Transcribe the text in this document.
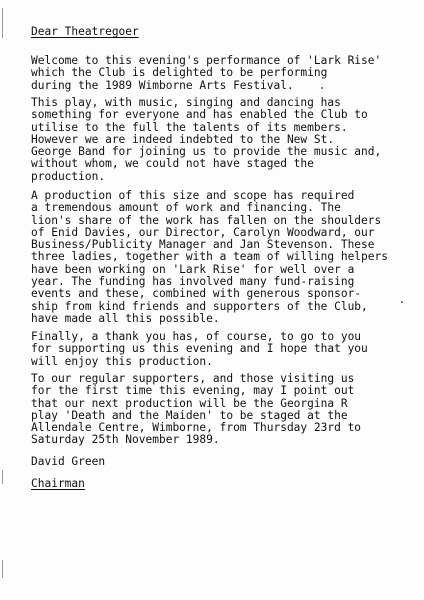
Dear Theatregoer

Welcome to this evening's performance of 'Lark Rise'
which the Club is delighted to be performing
during the 1989 Wimborne Arts Festival.

This play, with music, singing and dancing has
something for everyone and has enabled the Club to
utilise to the full the talents of its members.
However we are indeed indebted to the New St.
George Band for joining us to provide the music and,
without whom, we could not have staged the
production.

A production of this size and scope has required
a tremendous amount of work and financing. The
lion's share of the work has fallen on the shoulders
of Enid Davies, our Director, Carolyn Woodward, our
Business/Publicity Manager and Jan Stevenson. These
three ladies, together with a team of willing helpers
have been working on 'Lark Rise' for well over a
year. The funding has involved many fund-raising
events and these, combined with generous sponsor-
ship from kind friends and supporters of the Club,
have made all this possible.

Finally, a thank you has, of course, to go to you
for supporting us this evening and I hope that you
will enjoy this production.

To our regular supporters, and those visiting us
for the first time this evening, may I point out
that our next production will be the Georgina R
play 'Death and the Maiden' to be staged at the
Allendale Centre, Wimborne, from Thursday 23rd to
Saturday 25th November 1989.

David Green
Chairman
